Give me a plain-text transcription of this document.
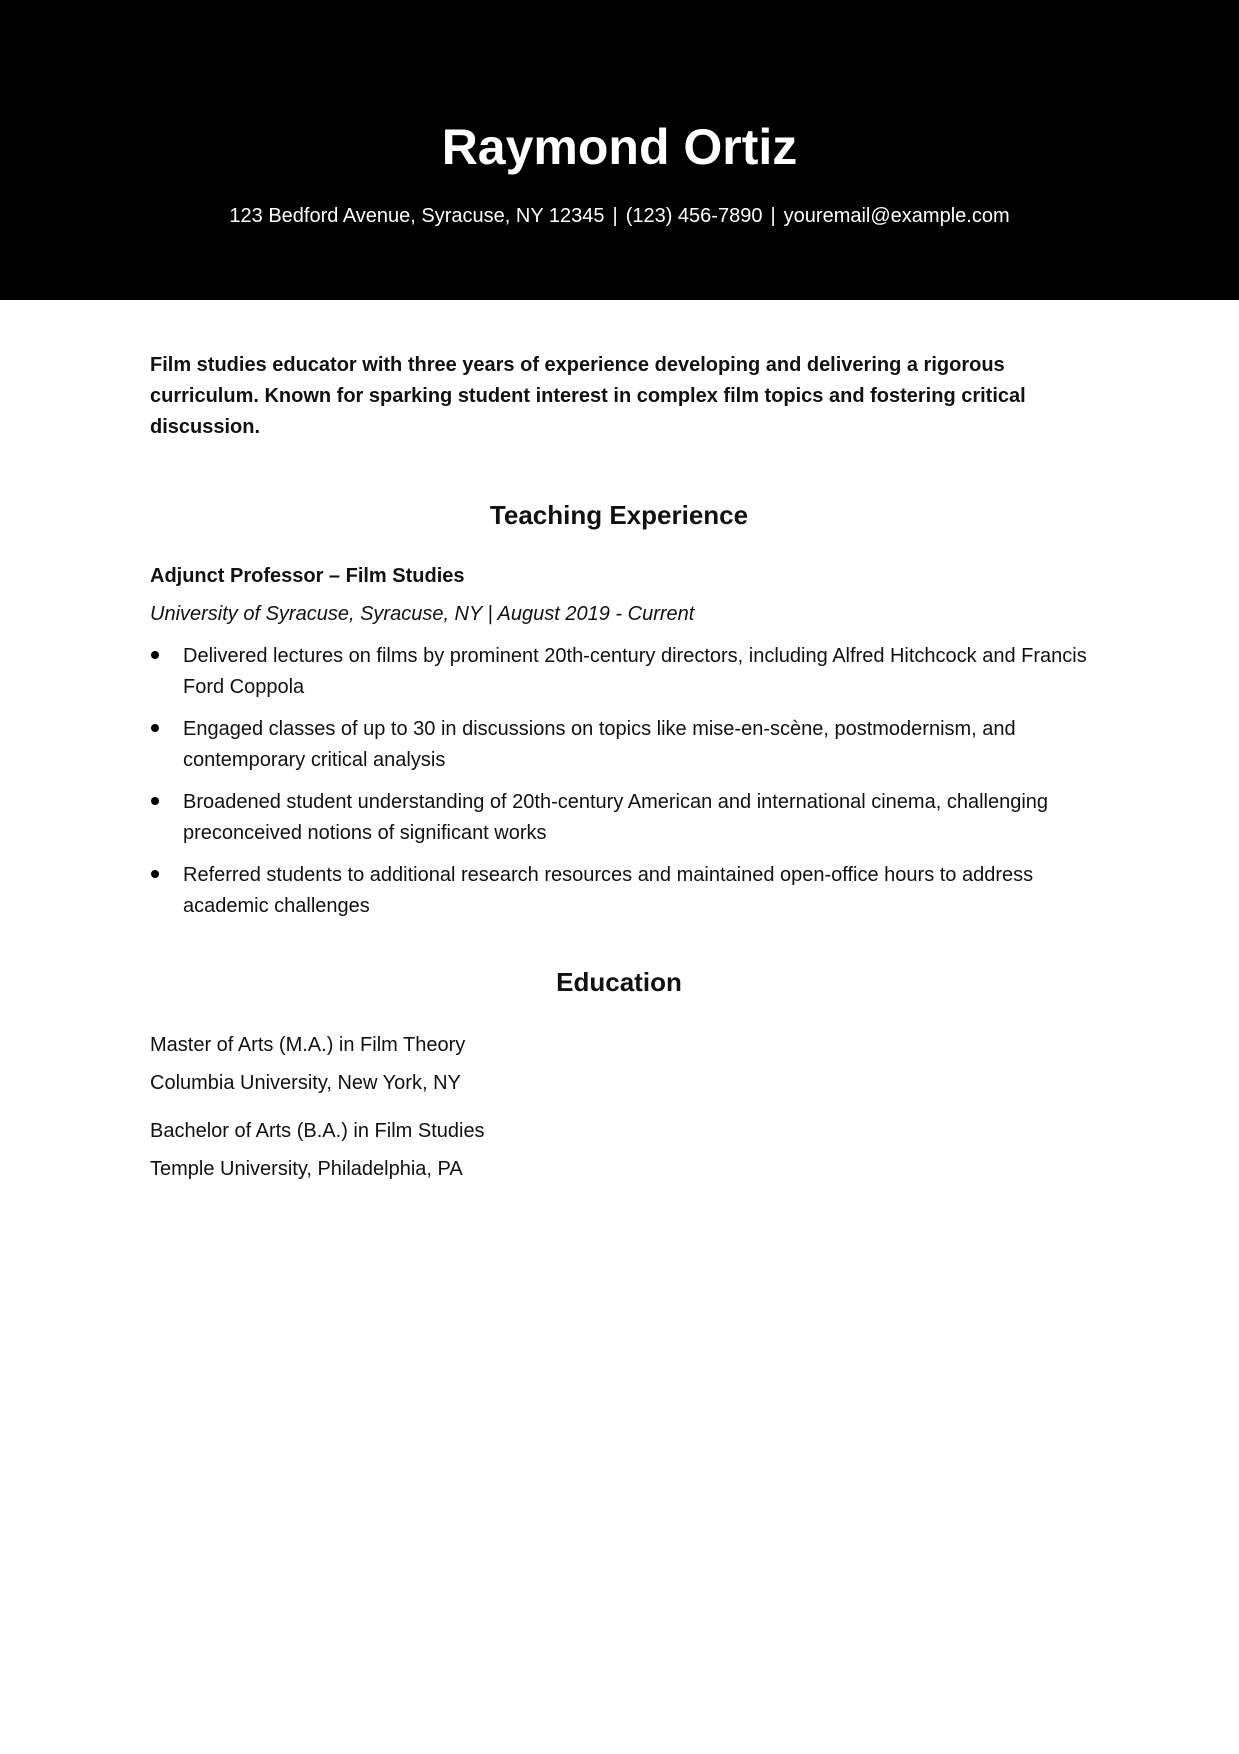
Raymond Ortiz
123 Bedford Avenue, Syracuse, NY 12345 | (123) 456-7890 | youremail@example.com

Film studies educator with three years of experience developing and delivering a rigorous curriculum. Known for sparking student interest in complex film topics and fostering critical discussion.

Teaching Experience
Adjunct Professor – Film Studies
University of Syracuse, Syracuse, NY | August 2019 - Current
Delivered lectures on films by prominent 20th-century directors, including Alfred Hitchcock and Francis Ford Coppola
Engaged classes of up to 30 in discussions on topics like mise-en-scène, postmodernism, and contemporary critical analysis
Broadened student understanding of 20th-century American and international cinema, challenging preconceived notions of significant works
Referred students to additional research resources and maintained open-office hours to address academic challenges
Education
Master of Arts (M.A.) in Film Theory
Columbia University, New York, NY
Bachelor of Arts (B.A.) in Film Studies
Temple University, Philadelphia, PA
